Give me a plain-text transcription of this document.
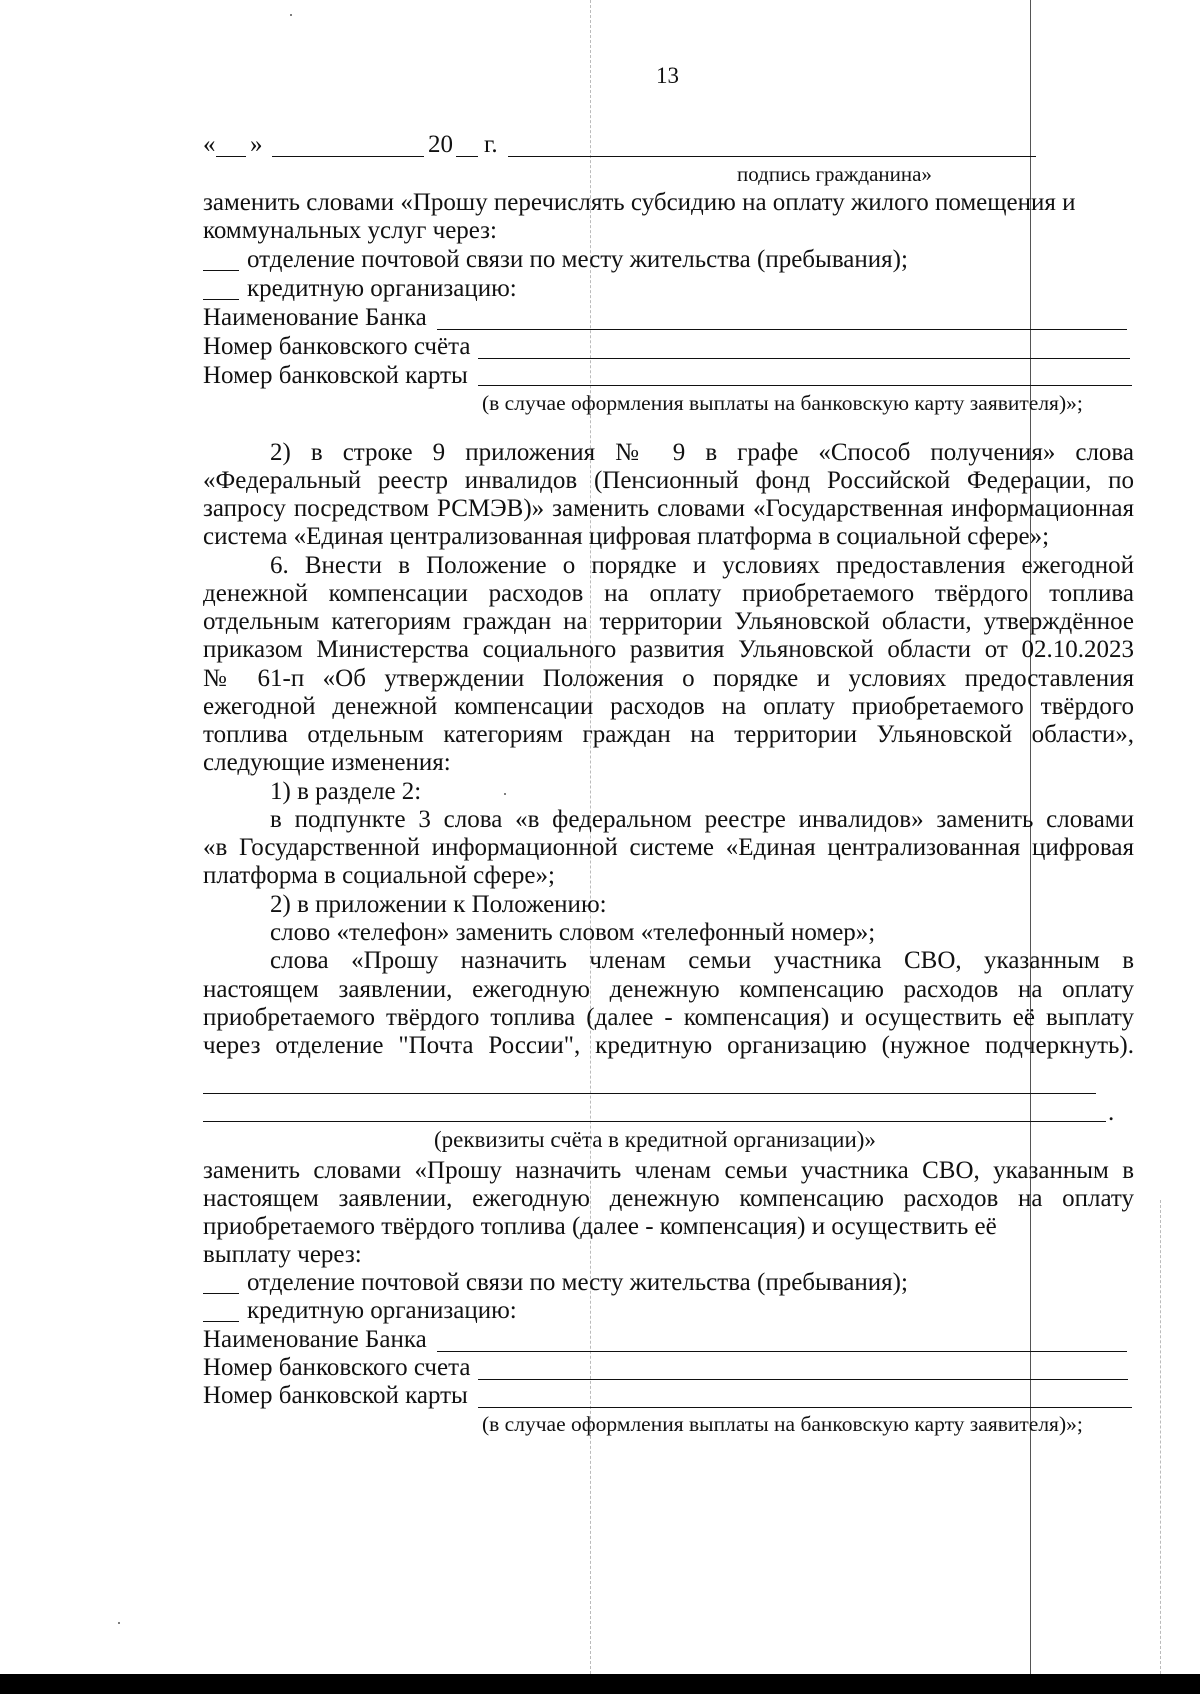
13
« »	20 г.
подпись гражданина»
заменить словами «Прошу перечислять субсидию на оплату жилого помещения и
коммунальных услуг через:
отделение почтовой связи по месту жительства (пребывания);
кредитную организацию:
Наименование Банка
Номер банковского счёта
Номер банковской карты
(в случае оформления выплаты на банковскую карту заявителя)»;
2) в строке 9 приложения № 9 в графе «Способ получения» слова
«Федеральный реестр инвалидов (Пенсионный фонд Российской Федерации, по
запросу посредством РСМЭВ)» заменить словами «Государственная информационная
система «Единая централизованная цифровая платформа в социальной сфере»;
6. Внести в Положение о порядке и условиях предоставления ежегодной
денежной компенсации расходов на оплату приобретаемого твёрдого топлива
отдельным категориям граждан на территории Ульяновской области, утверждённое
приказом Министерства социального развития Ульяновской области от 02.10.2023
№ 61-п «Об утверждении Положения о порядке и условиях предоставления
ежегодной денежной компенсации расходов на оплату приобретаемого твёрдого
топлива отдельным категориям граждан на территории Ульяновской области»,
следующие изменения:
1) в разделе 2:
в подпункте 3 слова «в федеральном реестре инвалидов» заменить словами
«в Государственной информационной системе «Единая централизованная цифровая
платформа в социальной сфере»;
2) в приложении к Положению:
слово «телефон» заменить словом «телефонный номер»;
слова «Прошу назначить членам семьи участника СВО, указанным в
настоящем заявлении, ежегодную денежную компенсацию расходов на оплату
приобретаемого твёрдого топлива (далее - компенсация) и осуществить её выплату
через отделение "Почта России", кредитную организацию (нужное подчеркнуть).
.
(реквизиты счёта в кредитной организации)»
заменить словами «Прошу назначить членам семьи участника СВО, указанным в
настоящем заявлении, ежегодную денежную компенсацию расходов на оплату
приобретаемого твёрдого топлива (далее - компенсация) и осуществить её
выплату через:
отделение почтовой связи по месту жительства (пребывания);
кредитную организацию:
Наименование Банка
Номер банковского счета
Номер банковской карты
(в случае оформления выплаты на банковскую карту заявителя)»;
